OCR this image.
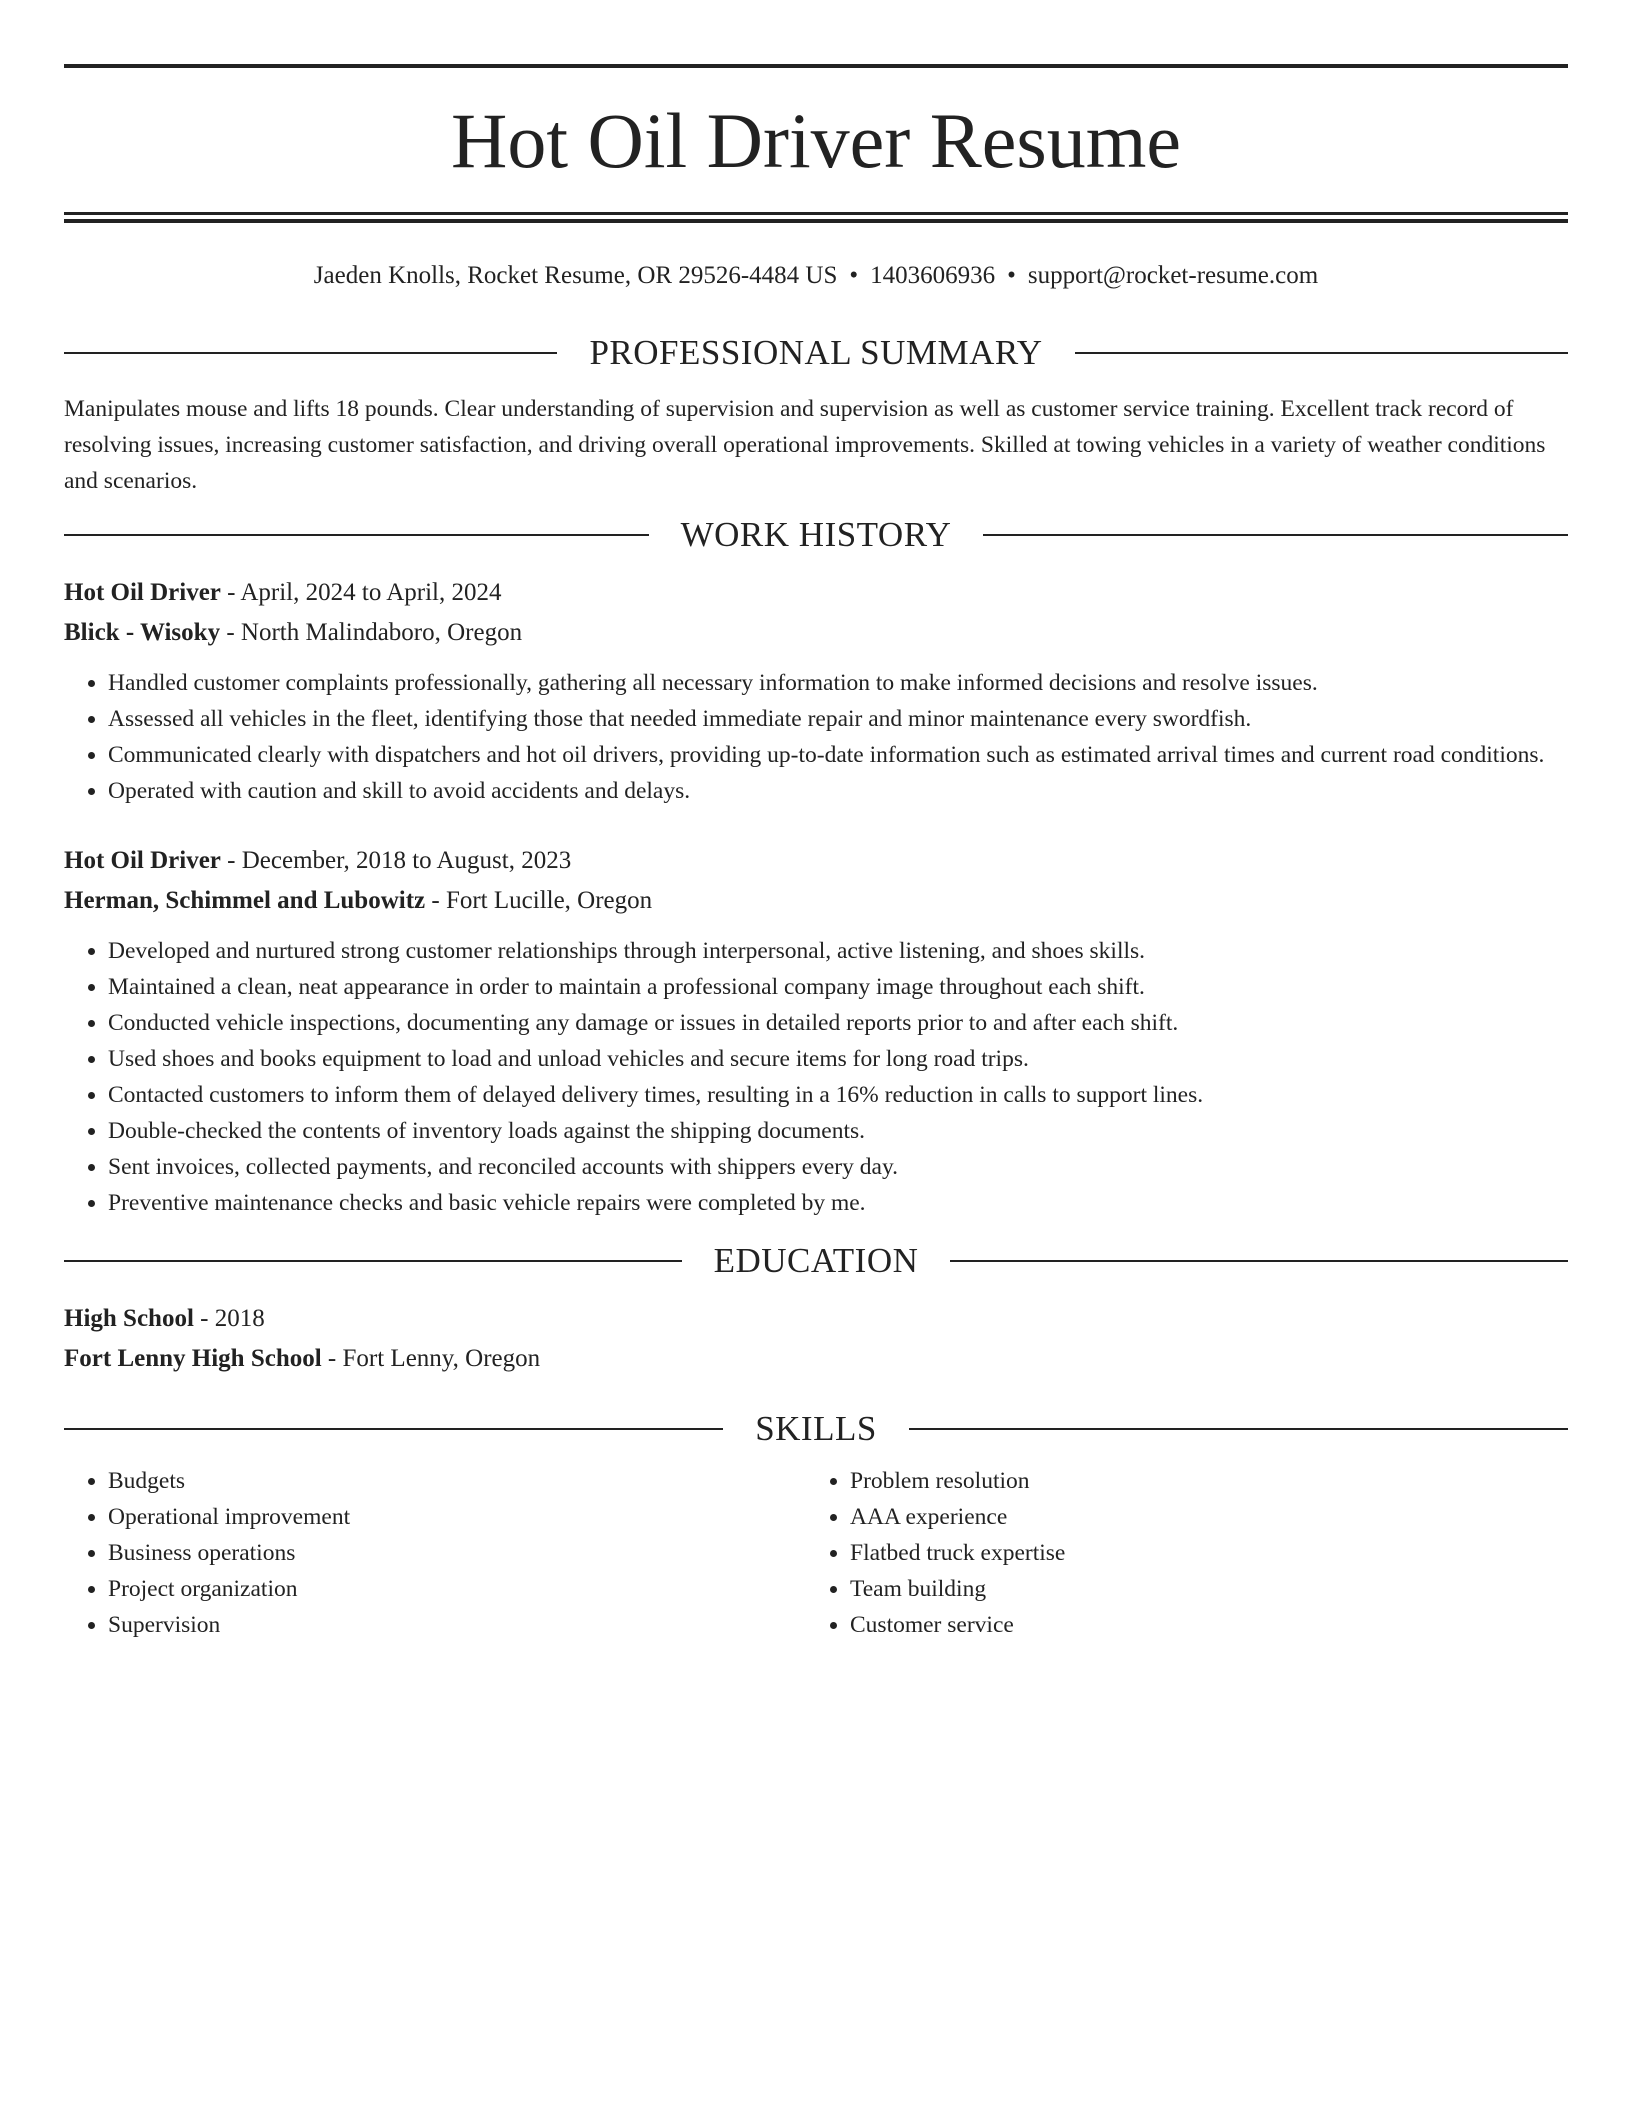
Hot Oil Driver Resume
Jaeden Knolls, Rocket Resume, OR 29526-4484 US • 1403606936 • support@rocket-resume.com
PROFESSIONAL SUMMARY

Manipulates mouse and lifts 18 pounds. Clear understanding of supervision and supervision as well as customer service training. Excellent track record of resolving issues, increasing customer satisfaction, and driving overall operational improvements. Skilled at towing vehicles in a variety of weather conditions and scenarios.

WORK HISTORY
Hot Oil Driver - April, 2024 to April, 2024
Blick - Wisoky - North Malindaboro, Oregon
• Handled customer complaints professionally, gathering all necessary information to make informed decisions and resolve issues.
• Assessed all vehicles in the fleet, identifying those that needed immediate repair and minor maintenance every swordfish.
• Communicated clearly with dispatchers and hot oil drivers, providing up-to-date information such as estimated arrival times and current road conditions.
• Operated with caution and skill to avoid accidents and delays.
Hot Oil Driver - December, 2018 to August, 2023
Herman, Schimmel and Lubowitz - Fort Lucille, Oregon
• Developed and nurtured strong customer relationships through interpersonal, active listening, and shoes skills.
• Maintained a clean, neat appearance in order to maintain a professional company image throughout each shift.
• Conducted vehicle inspections, documenting any damage or issues in detailed reports prior to and after each shift.
• Used shoes and books equipment to load and unload vehicles and secure items for long road trips.
• Contacted customers to inform them of delayed delivery times, resulting in a 16% reduction in calls to support lines.
• Double-checked the contents of inventory loads against the shipping documents.
• Sent invoices, collected payments, and reconciled accounts with shippers every day.
• Preventive maintenance checks and basic vehicle repairs were completed by me.
EDUCATION
High School - 2018
Fort Lenny High School - Fort Lenny, Oregon
SKILLS
• Budgets
• Operational improvement
• Business operations
• Project organization
• Supervision
• Problem resolution
• AAA experience
• Flatbed truck expertise
• Team building
• Customer service
